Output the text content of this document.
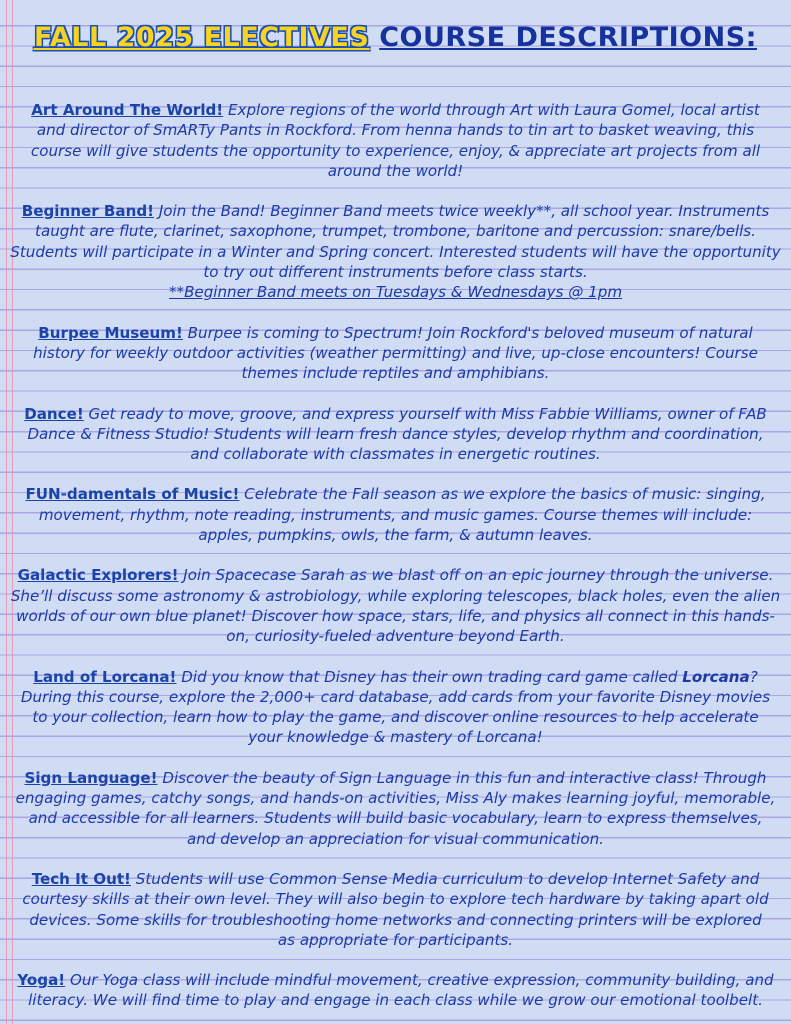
FALL 2025 ELECTIVES COURSE DESCRIPTIONS:

Art Around The World! Explore regions of the world through Art with Laura Gomel, local artist and director of SmARTy Pants in Rockford. From henna hands to tin art to basket weaving, this course will give students the opportunity to experience, enjoy, & appreciate art projects from all around the world!

Beginner Band! Join the Band! Beginner Band meets twice weekly**, all school year. Instruments taught are flute, clarinet, saxophone, trumpet, trombone, baritone and percussion: snare/bells. Students will participate in a Winter and Spring concert. Interested students will have the opportunity to try out different instruments before class starts.
**Beginner Band meets on Tuesdays & Wednesdays @ 1pm

Burpee Museum! Burpee is coming to Spectrum! Join Rockford's beloved museum of natural history for weekly outdoor activities (weather permitting) and live, up-close encounters! Course themes include reptiles and amphibians.

Dance! Get ready to move, groove, and express yourself with Miss Fabbie Williams, owner of FAB Dance & Fitness Studio! Students will learn fresh dance styles, develop rhythm and coordination, and collaborate with classmates in energetic routines.

FUN-damentals of Music! Celebrate the Fall season as we explore the basics of music: singing, movement, rhythm, note reading, instruments, and music games. Course themes will include: apples, pumpkins, owls, the farm, & autumn leaves.

Galactic Explorers! Join Spacecase Sarah as we blast off on an epic journey through the universe. She’ll discuss some astronomy & astrobiology, while exploring telescopes, black holes, even the alien worlds of our own blue planet! Discover how space, stars, life, and physics all connect in this hands-on, curiosity-fueled adventure beyond Earth.

Land of Lorcana! Did you know that Disney has their own trading card game called Lorcana? During this course, explore the 2,000+ card database, add cards from your favorite Disney movies to your collection, learn how to play the game, and discover online resources to help accelerate your knowledge & mastery of Lorcana!

Sign Language! Discover the beauty of Sign Language in this fun and interactive class! Through engaging games, catchy songs, and hands-on activities, Miss Aly makes learning joyful, memorable, and accessible for all learners. Students will build basic vocabulary, learn to express themselves, and develop an appreciation for visual communication.

Tech It Out! Students will use Common Sense Media curriculum to develop Internet Safety and courtesy skills at their own level. They will also begin to explore tech hardware by taking apart old devices. Some skills for troubleshooting home networks and connecting printers will be explored as appropriate for participants.

Yoga! Our Yoga class will include mindful movement, creative expression, community building, and literacy. We will find time to play and engage in each class while we grow our emotional toolbelt.
